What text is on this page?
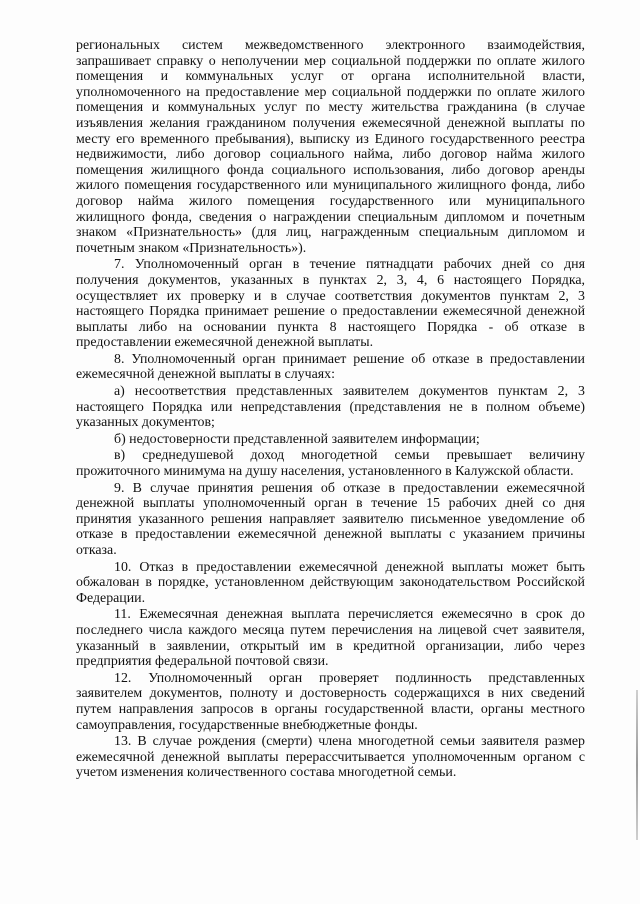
региональных систем межведомственного электронного взаимодействия, запрашивает справку о неполучении мер социальной поддержки по оплате жилого помещения и коммунальных услуг от органа исполнительной власти, уполномоченного на предоставление мер социальной поддержки по оплате жилого помещения и коммунальных услуг по месту жительства гражданина (в случае изъявления желания гражданином получения ежемесячной денежной выплаты по месту его временного пребывания), выписку из Единого государственного реестра недвижимости, либо договор социального найма, либо договор найма жилого помещения жилищного фонда социального использования, либо договор аренды жилого помещения государственного или муниципального жилищного фонда, либо договор найма жилого помещения государственного или муниципального жилищного фонда, сведения о награждении специальным дипломом и почетным знаком «Признательность» (для лиц, награжденным специальным дипломом и почетным знаком «Признательность»).

7. Уполномоченный орган в течение пятнадцати рабочих дней со дня получения документов, указанных в пунктах 2, 3, 4, 6 настоящего Порядка, осуществляет их проверку и в случае соответствия документов пунктам 2, 3 настоящего Порядка принимает решение о предоставлении ежемесячной денежной выплаты либо на основании пункта 8 настоящего Порядка - об отказе в предоставлении ежемесячной денежной выплаты.

8. Уполномоченный орган принимает решение об отказе в предоставлении ежемесячной денежной выплаты в случаях:

а) несоответствия представленных заявителем документов пунктам 2, 3 настоящего Порядка или непредставления (представления не в полном объеме) указанных документов;

б) недостоверности представленной заявителем информации;

в) среднедушевой доход многодетной семьи превышает величину прожиточного минимума на душу населения, установленного в Калужской области.

9. В случае принятия решения об отказе в предоставлении ежемесячной денежной выплаты уполномоченный орган в течение 15 рабочих дней со дня принятия указанного решения направляет заявителю письменное уведомление об отказе в предоставлении ежемесячной денежной выплаты с указанием причины отказа.

10. Отказ в предоставлении ежемесячной денежной выплаты может быть обжалован в порядке, установленном действующим законодательством Российской Федерации.

11. Ежемесячная денежная выплата перечисляется ежемесячно в срок до последнего числа каждого месяца путем перечисления на лицевой счет заявителя, указанный в заявлении, открытый им в кредитной организации, либо через предприятия федеральной почтовой связи.

12. Уполномоченный орган проверяет подлинность представленных заявителем документов, полноту и достоверность содержащихся в них сведений путем направления запросов в органы государственной власти, органы местного самоуправления, государственные внебюджетные фонды.

13. В случае рождения (смерти) члена многодетной семьи заявителя размер ежемесячной денежной выплаты перерассчитывается уполномоченным органом с учетом изменения количественного состава многодетной семьи.
